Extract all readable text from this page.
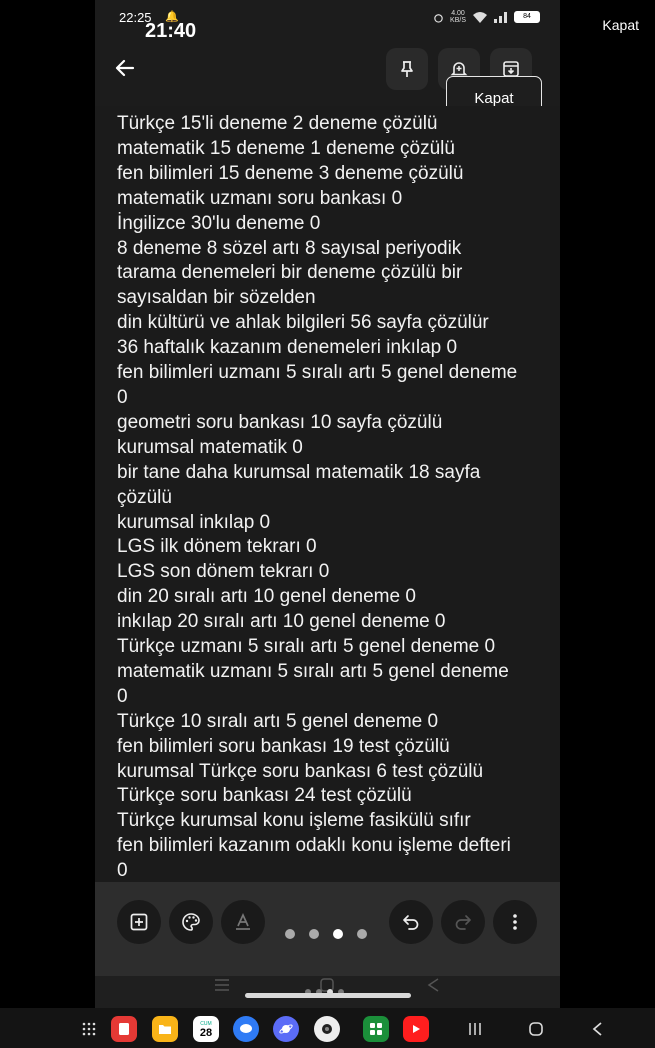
Kapat
22:25
21:40
🔔	4.00
KB/S
84
Kapat
Türkçe 15'li deneme 2 deneme çözülü
matematik 15 deneme 1 deneme çözülü
fen bilimleri 15 deneme 3 deneme çözülü
matematik uzmanı soru bankası 0
İngilizce 30'lu deneme 0
8 deneme 8 sözel artı 8 sayısal periyodik
tarama denemeleri bir deneme çözülü bir
sayısaldan bir sözelden
din kültürü ve ahlak bilgileri 56 sayfa çözülür
36 haftalık kazanım denemeleri inkılap 0
fen bilimleri uzmanı 5 sıralı artı 5 genel deneme
0
geometri soru bankası 10 sayfa çözülü
kurumsal matematik 0
bir tane daha kurumsal matematik 18 sayfa
çözülü
kurumsal inkılap 0
LGS ilk dönem tekrarı 0
LGS son dönem tekrarı 0
din 20 sıralı artı 10 genel deneme 0
inkılap 20 sıralı artı 10 genel deneme 0
Türkçe uzmanı 5 sıralı artı 5 genel deneme 0
matematik uzmanı 5 sıralı artı 5 genel deneme
0
Türkçe 10 sıralı artı 5 genel deneme 0
fen bilimleri soru bankası 19 test çözülü
kurumsal Türkçe soru bankası 6 test çözülü
Türkçe soru bankası 24 test çözülü
Türkçe kurumsal konu işleme fasikülü sıfır
fen bilimleri kazanım odaklı konu işleme defteri
0
CUM
28
